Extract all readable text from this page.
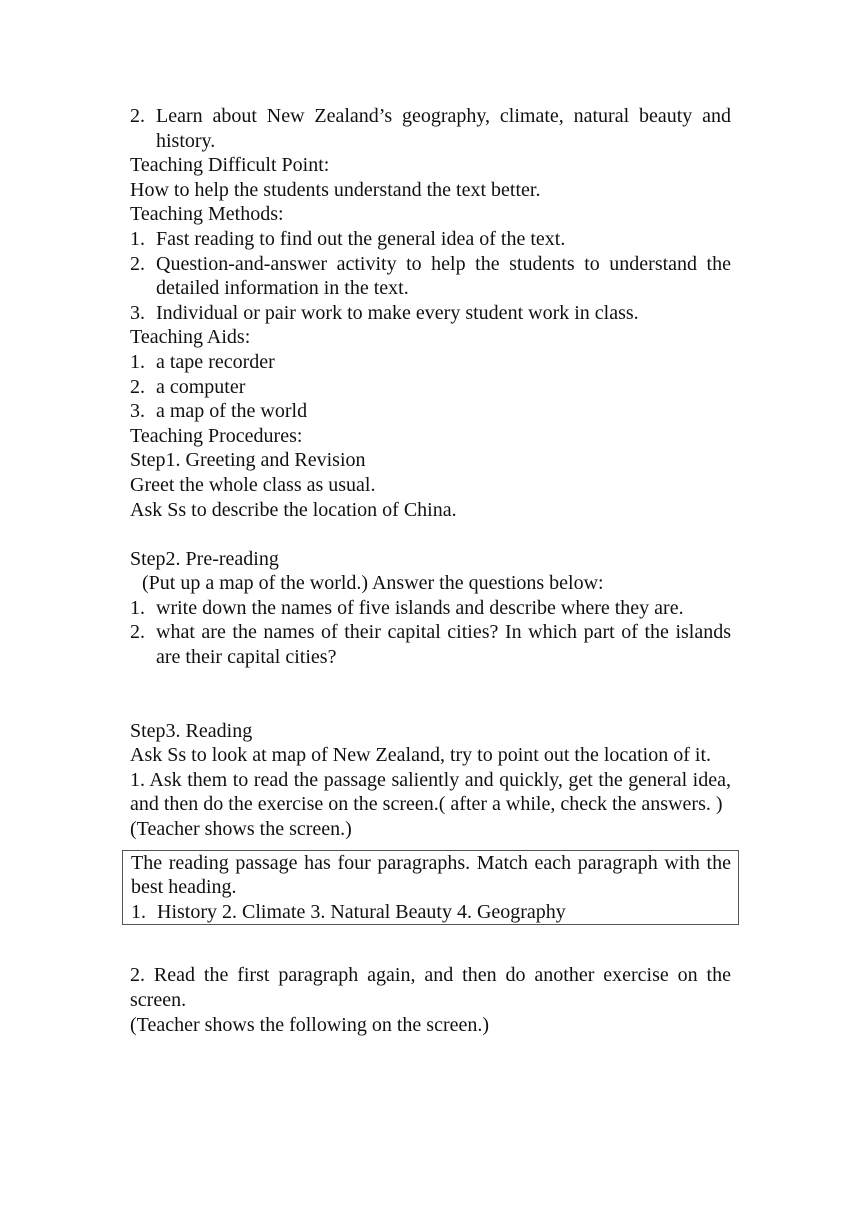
2. Learn about New Zealand’s geography, climate, natural beauty and history.

Teaching Difficult Point:

How to help the students understand the text better.

Teaching Methods:

1. Fast reading to find out the general idea of the text.
2. Question-and-answer activity to help the students to understand the detailed information in the text.
3. Individual or pair work to make every student work in class.

Teaching Aids:

1. a tape recorder
2. a computer
3. a map of the world

Teaching Procedures:

Step1. Greeting and Revision

Greet the whole class as usual.

Ask Ss to describe the location of China.

Step2. Pre-reading

(Put up a map of the world.) Answer the questions below:

1. write down the names of five islands and describe where they are.
2. what are the names of their capital cities? In which part of the islands are their capital cities?

Step3. Reading

Ask Ss to look at map of New Zealand, try to point out the location of it.

1. Ask them to read the passage saliently and quickly, get the general idea, and then do the exercise on the screen.( after a while, check the answers. )

(Teacher shows the screen.)

The reading passage has four paragraphs. Match each paragraph with the best heading.

1. History 2. Climate 3. Natural Beauty 4. Geography

2. Read the first paragraph again, and then do another exercise on the screen.

(Teacher shows the following on the screen.)
